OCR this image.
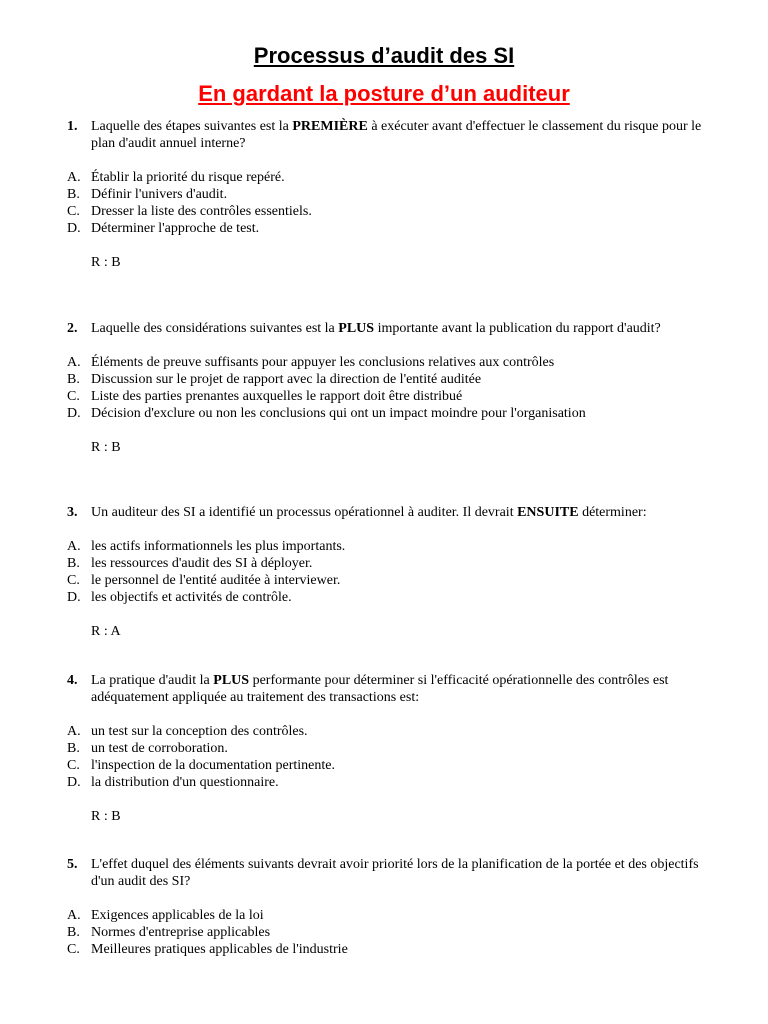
Processus d’audit des SI
En gardant la posture d’un auditeur
1. Laquelle des étapes suivantes est la PREMIÈRE à exécuter avant d'effectuer le classement du risque pour le plan d'audit annuel interne?
A. Établir la priorité du risque repéré.
B. Définir l'univers d'audit.
C. Dresser la liste des contrôles essentiels.
D. Déterminer l'approche de test.
R : B
2. Laquelle des considérations suivantes est la PLUS importante avant la publication du rapport d'audit?
A. Éléments de preuve suffisants pour appuyer les conclusions relatives aux contrôles
B. Discussion sur le projet de rapport avec la direction de l'entité auditée
C. Liste des parties prenantes auxquelles le rapport doit être distribué
D. Décision d'exclure ou non les conclusions qui ont un impact moindre pour l'organisation
R : B
3. Un auditeur des SI a identifié un processus opérationnel à auditer. Il devrait ENSUITE déterminer:
A. les actifs informationnels les plus importants.
B. les ressources d'audit des SI à déployer.
C. le personnel de l'entité auditée à interviewer.
D. les objectifs et activités de contrôle.
R : A
4. La pratique d'audit la PLUS performante pour déterminer si l'efficacité opérationnelle des contrôles est adéquatement appliquée au traitement des transactions est:
A. un test sur la conception des contrôles.
B. un test de corroboration.
C. l'inspection de la documentation pertinente.
D. la distribution d'un questionnaire.
R : B
5. L'effet duquel des éléments suivants devrait avoir priorité lors de la planification de la portée et des objectifs d'un audit des SI?
A. Exigences applicables de la loi
B. Normes d'entreprise applicables
C. Meilleures pratiques applicables de l'industrie
